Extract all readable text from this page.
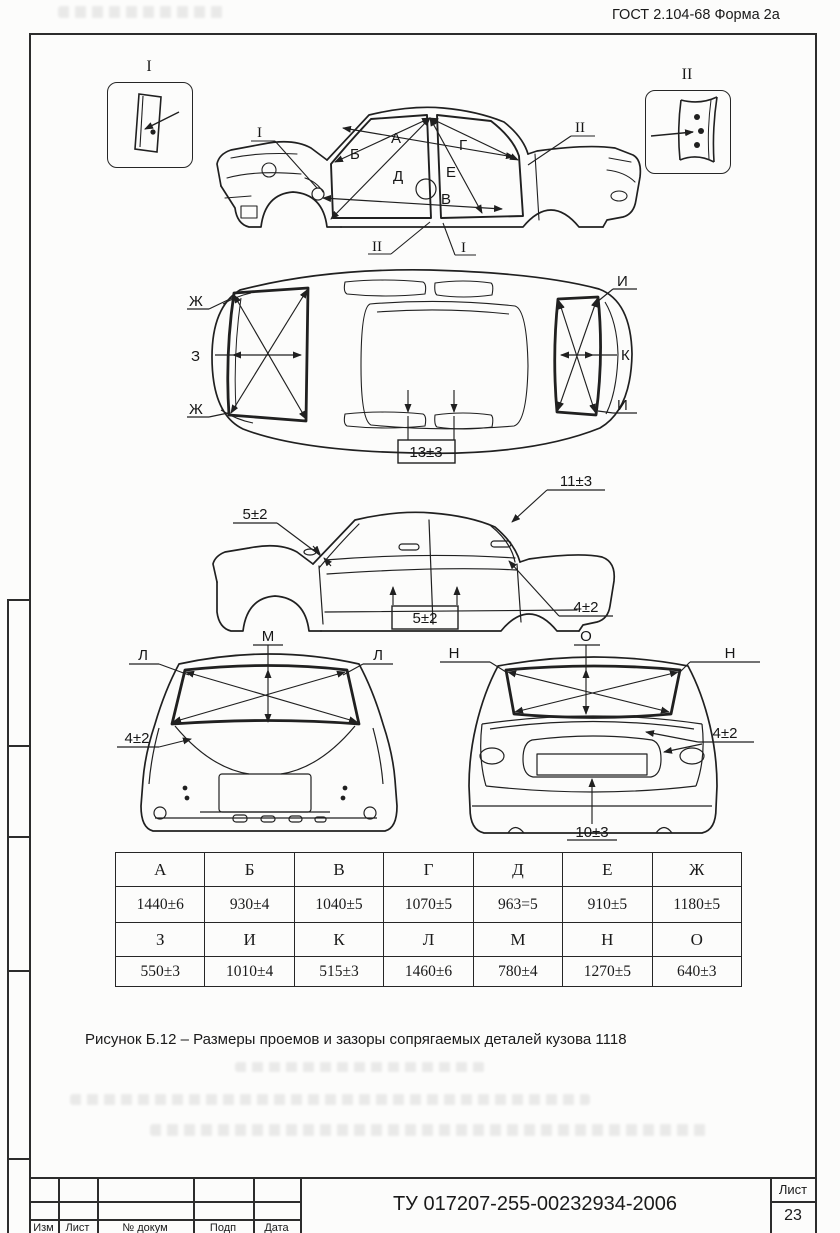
ГОСТ 2.104-68 Форма 2а
I	II
А
Б
Г
Д	Е
В
I	II
II	I
Ж
Ж
З
И
И
К
13±3
5±2
11±3
5±2
4±2
М
Л	Л
4±2
О
Н	Н
4±2
10±3
А	Б	В	Г	Д	Е	Ж
1440±6	930±4	1040±5	1070±5	963=5	910±5	1180±5
З	И	К	Л	М	Н	О
550±3	1010±4	515±3	1460±6	780±4	1270±5	640±3
Рисунок Б.12 – Размеры проемов и зазоры сопрягаемых деталей кузова 1118
ТУ 017207-255-00232934-2006
Лист
23
Изм	Лист	№ докум	Подп	Дата
